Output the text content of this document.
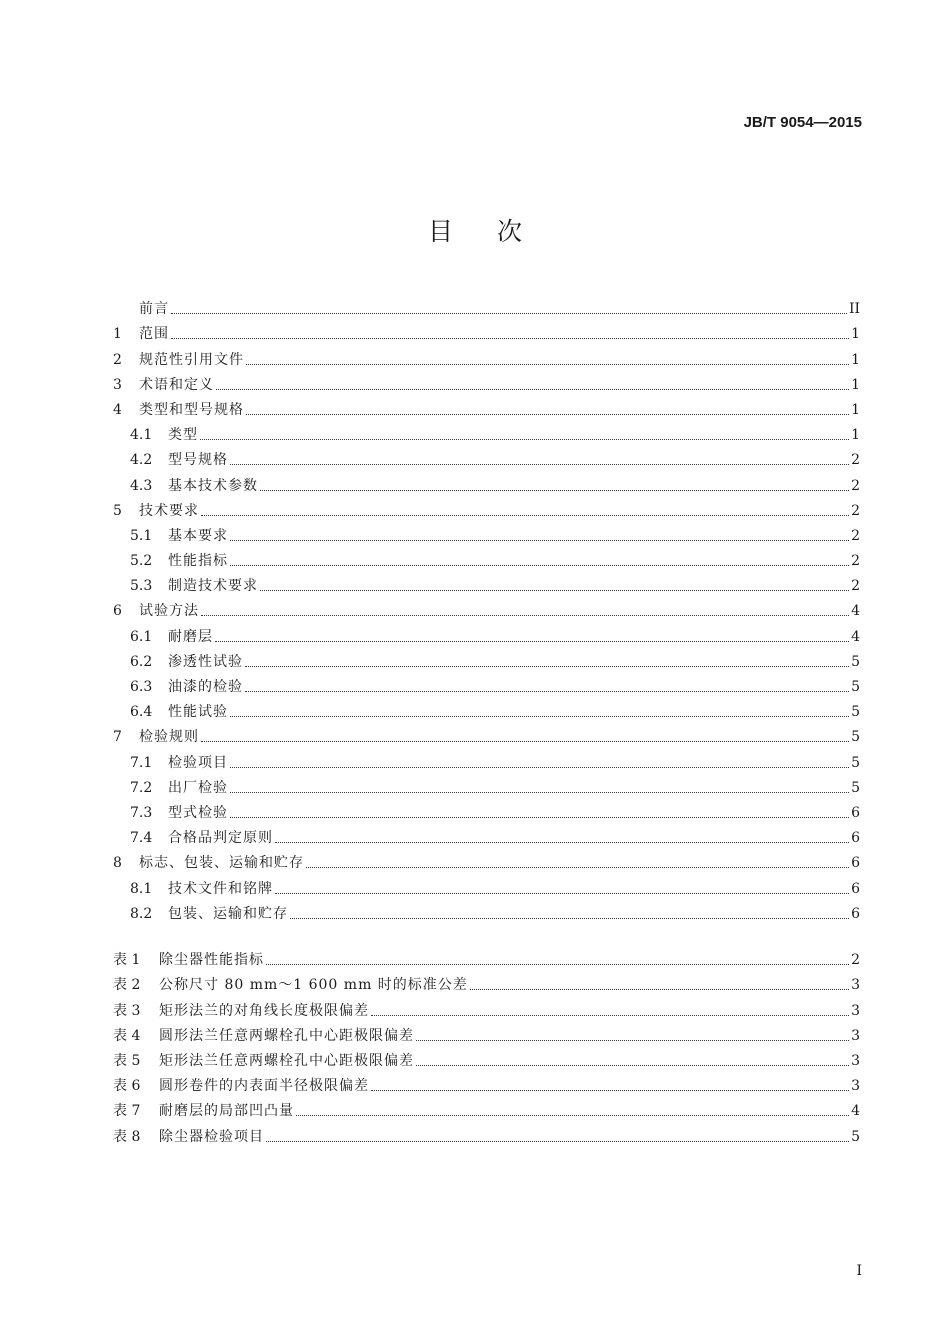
JB/T 9054—2015
目次
前言	II
1	范围	1
2	规范性引用文件	1
3	术语和定义	1
4	类型和型号规格	1
4.1	类型	1
4.2	型号规格	2
4.3	基本技术参数	2
5	技术要求	2
5.1	基本要求	2
5.2	性能指标	2
5.3	制造技术要求	2
6	试验方法	4
6.1	耐磨层	4
6.2	渗透性试验	5
6.3	油漆的检验	5
6.4	性能试验	5
7	检验规则	5
7.1	检验项目	5
7.2	出厂检验	5
7.3	型式检验	6
7.4	合格品判定原则	6
8	标志、包装、运输和贮存	6
8.1	技术文件和铭牌	6
8.2	包装、运输和贮存	6
表 1	除尘器性能指标	2
表 2	公称尺寸 80 mm～1 600 mm 时的标准公差	3
表 3	矩形法兰的对角线长度极限偏差	3
表 4	圆形法兰任意两螺栓孔中心距极限偏差	3
表 5	矩形法兰任意两螺栓孔中心距极限偏差	3
表 6	圆形卷件的内表面半径极限偏差	3
表 7	耐磨层的局部凹凸量	4
表 8	除尘器检验项目	5
I
